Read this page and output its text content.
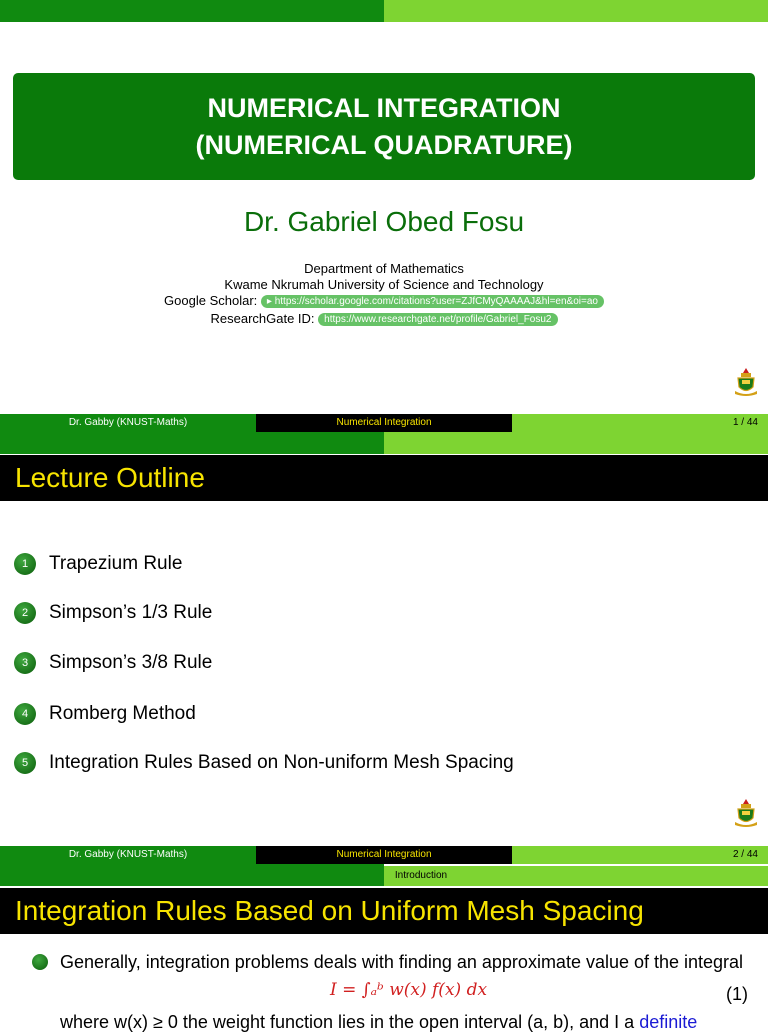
NUMERICAL INTEGRATION
(NUMERICAL QUADRATURE)
Dr. Gabriel Obed Fosu
Department of Mathematics
Kwame Nkrumah University of Science and Technology
Google Scholar: ▸ https://scholar.google.com/citations?user=ZJfCMyQAAAAJ&hl=en&oi=ao
ResearchGate ID: https://www.researchgate.net/profile/Gabriel_Fosu2
Dr. Gabby (KNUST-Maths)	Numerical Integration	1 / 44
Lecture Outline
1	Trapezium Rule
2	Simpson’s 1/3 Rule
3	Simpson’s 3/8 Rule
4	Romberg Method
5	Integration Rules Based on Non-uniform Mesh Spacing
Dr. Gabby (KNUST-Maths)	Numerical Integration	2 / 44
Introduction
Integration Rules Based on Uniform Mesh Spacing
Generally, integration problems deals with finding an approximate value of the integral
I = ∫ₐᵇ w(x) f(x) dx	(1)
where w(x) ≥ 0 the weight function lies in the open interval (a, b), and I a definite
